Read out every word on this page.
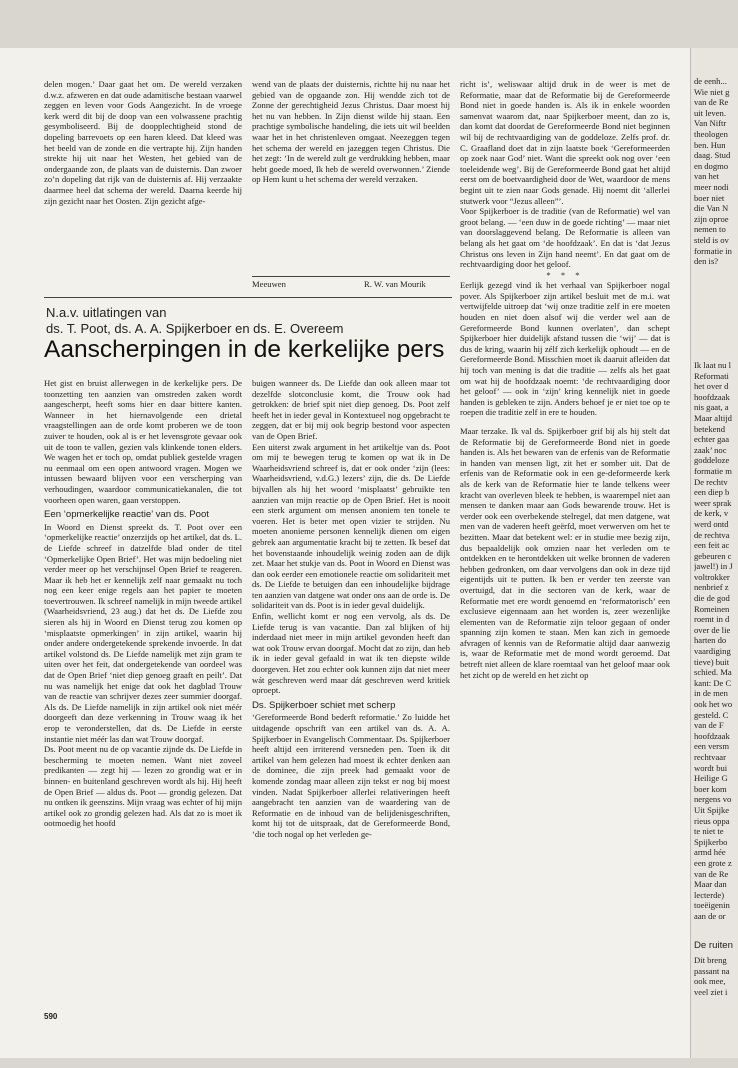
de eenh...
Wie niet g
van de Re
uit leven.
Van Niftr
theologen
ben. Hun
daag. Stud
en dogmo
van het
meer nodi
boer niet
die Van N
zijn oproe
nemen to
steld is ov
formatie in
den is?
Ik laat nu l
Reformati
het over d
hoofdzaak
nis gaat, a
Maar altijd
betekend
echter gaa
zaak’ noc
goddeloze
formatie m
De rechtv
een diep b
weer sprak
de kerk, v
werd ontd
de rechtva
een feit ac
gebeuren c
jawel!) in J
voltrokker
nenbrief z
die de god
Romeinen
roemt in d
over de lie
harten do
vaardiging
tieve) buit
schied. Ma
kant: De C
in de men
ook het wo
gesteld. C
van de F
hoofdzaak
een versm
rechtvaar
wordt bui
Heilige G
boer kom
nergens vo
Uit Spijke
rieus oppa
te niet te
Spijkerbo
armd hée
een grote z
van de Re
Maar dan
lecterde)
toeëigenin
aan de or
De ruiten
Dit breng
passant na
ook mee,
veel ziet i

delen mogen.’ Daar gaat het om. De wereld verzaken d.w.z. afzweren en dat oude adamitische bestaan vaarwel zeggen en leven voor Gods Aangezicht. In de vroege kerk werd dit bij de doop van een volwassene prachtig gesymboliseerd. Bij de doopplechtigheid stond de dopeling barrevoets op een haren kleed. Dat kleed was het beeld van de zonde en die vertrapte hij. Zijn handen strekte hij uit naar het Westen, het gebied van de ondergaande zon, de plaats van de duisternis. Dan zwoer zo’n dopeling dat rijk van de duisternis af. Hij verzaakte daarmee heel dat schema der wereld. Daarna keerde hij zijn gezicht naar het Oosten. Zijn gezicht afge-

wend van de plaats der duisternis, richtte hij nu naar het gebied van de opgaande zon. Hij wendde zich tot de Zonne der gerechtigheid Jezus Christus. Daar moest hij het nu van hebben. In Zijn dienst wilde hij staan. Een prachtige symbolische handeling, die iets uit wil beelden waar het in het christenleven omgaat. Neezeggen tegen het schema der wereld en jazeggen tegen Christus. Die het zegt: ‘In de wereld zult ge verdrukking hebben, maar hebt goede moed, Ik heb de wereld overwonnen.’ Ziende op Hem kunt u het schema der wereld verzaken.

Meeuwen	R. W. van Mourik
N.a.v. uitlatingen van
ds. T. Poot, ds. A. A. Spijkerboer en ds. E. Overeem
Aanscherpingen in de kerkelijke pers

Het gist en bruist allerwegen in de kerkelijke pers. De toonzetting ten aanzien van omstreden zaken wordt aangescherpt, heeft soms hier en daar bittere kanten. Wanneer in het hiernavolgende een drietal vraagstellingen aan de orde komt proberen we de toon zuiver te houden, ook al is er het levensgrote gevaar ook uit de toon te vallen, gezien vals klinkende tonen elders. We wagen het er toch op, omdat publiek gestelde vragen nu eenmaal om een open antwoord vragen. Mogen we intussen bewaard blijven voor een verscherping van verhoudingen, waardoor communicatiekanalen, die tot voorheen open waren, gaan verstoppen.

Een ‘opmerkelijke reactie’ van ds. Poot

In Woord en Dienst spreekt ds. T. Poot over een ‘opmerkelijke reactie’ onzerzijds op het artikel, dat ds. L. de Liefde schreef in datzelfde blad onder de titel ‘Opmerkelijke Open Brief’. Het was mijn bedoeling niet verder meer op het verschijnsel Open Brief te reageren. Maar ik heb het er kennelijk zelf naar gemaakt nu toch nog een keer enige regels aan het papier te moeten toevertrouwen. Ik schreef namelijk in mijn tweede artikel (Waarheidsvriend, 23 aug.) dat het ds. De Liefde zou sieren als hij in Woord en Dienst terug zou komen op ‘misplaatste opmerkingen’ in zijn artikel, waarin hij onder andere ondergetekende sprekende invoerde. In dat artikel volstond ds. De Liefde namelijk met zijn gram te uiten over het feit, dat ondergetekende van oordeel was dat de Open Brief ‘niet diep genoeg graaft en peilt’. Dat nu was namelijk het enige dat ook het dagblad Trouw van de reactie van schrijver dezes zeer summier doorgaf. Als ds. De Liefde namelijk in zijn artikel ook niet méér doorgeeft dan deze verkenning in Trouw waag ik het erop te veronderstellen, dat ds. De Liefde in eerste instantie niet méér las dan wat Trouw doorgaf.

Ds. Poot meent nu de op vacantie zijnde ds. De Liefde in bescherming te moeten nemen. Want niet zoveel predikanten — zegt hij — lezen zo grondig wat er in binnen- en buitenland geschreven wordt als hij. Hij heeft de Open Brief — aldus ds. Poot — grondig gelezen. Dat nu ontken ik geenszins. Mijn vraag was echter of hij mijn artikel ook zo grondig gelezen had. Als dat zo is moet ik ootmoedig het hoofd

buigen wanneer ds. De Liefde dan ook alleen maar tot dezelfde slotconclusie komt, die Trouw ook had getrokken: de brief spit niet diep genoeg. Ds. Poot zelf heeft het in ieder geval in Kontextueel nog opgebracht te zeggen, dat er bij mij ook begrip bestond voor aspecten van de Open Brief.

Een uiterst zwak argument in het artikeltje van ds. Poot om mij te bewegen terug te komen op wat ik in De Waarheidsvriend schreef is, dat er ook onder ‘zijn (lees: Waarheidsvriend, v.d.G.) lezers’ zijn, die ds. De Liefde bijvallen als hij het woord ‘misplaatst’ gebruikte ten aanzien van mijn reactie op de Open Brief. Het is nooit een sterk argument om mensen anoniem ten tonele te voeren. Het is beter met open vizier te strijden. Nu moeten anonieme personen kennelijk dienen om eigen gebrek aan argumentatie kracht bij te zetten. Ik besef dat het bovenstaande inhoudelijk weinig zoden aan de dijk zet. Maar het stukje van ds. Poot in Woord en Dienst was dan ook eerder een emotionele reactie om solidariteit met ds. De Liefde te betuigen dan een inhoudelijke bijdrage ten aanzien van datgene wat onder ons aan de orde is. De solidariteit van ds. Poot is in ieder geval duidelijk.

Enfin, wellicht komt er nog een vervolg, als ds. De Liefde terug is van vacantie. Dan zal blijken of hij inderdaad niet meer in mijn artikel gevonden heeft dan wat ook Trouw ervan doorgaf. Mocht dat zo zijn, dan heb ik in ieder geval gefaald in wat ik ten diepste wilde doorgeven. Het zou echter ook kunnen zijn dat niet meer wát geschreven werd maar dát geschreven werd kritiek oproept.

Ds. Spijkerboer schiet met scherp

‘Gereformeerde Bond bederft reformatie.’ Zo luidde het uitdagende opschrift van een artikel van ds. A. A. Spijkerboer in Evangelisch Commentaar. Ds. Spijkerboer heeft altijd een irriterend versneden pen. Toen ik dit artikel van hem gelezen had moest ik echter denken aan de dominee, die zijn preek had gemaakt voor de komende zondag maar alleen zijn tekst er nog bij moest vinden. Nadat Spijkerboer allerlei relativeringen heeft aangebracht ten aanzien van de waardering van de Reformatie en de inhoud van de belijdenisgeschriften, komt hij tot de uitspraak, dat de Gereformeerde Bond, ‘die toch nogal op het verleden ge-

richt is’, weliswaar altijd druk in de weer is met de Reformatie, maar dat de Reformatie bij de Gereformeerde Bond niet in goede handen is. Als ik in enkele woorden samenvat waarom dat, naar Spijkerboer meent, dan zo is, dan komt dat doordat de Gereformeerde Bond niet beginnen wil bij de rechtvaardiging van de goddeloze. Zelfs prof. dr. C. Graafland doet dat in zijn laatste boek ‘Gereformeerden op zoek naar God’ niet. Want die spreekt ook nog over ‘een toeleidende weg’. Bij de Gereformeerde Bond gaat het altijd eerst om de boetvaardigheid door de Wet, waardoor de mens begint uit te zien naar Gods genade. Hij noemt dit ‘allerlei stutwerk voor “Jezus alleen”’.

Voor Spijkerboer is de traditie (van de Reformatie) wel van groot belang. — ‘een duw in de goede richting’ — maar niet van doorslaggevend belang. De Reformatie is alleen van belang als het gaat om ‘de hoofdzaak’. En dat is ‘dat Jezus Christus ons leven in Zijn hand neemt’. En dat gaat om de rechtvaardiging door het geloof.

* * *

Eerlijk gezegd vind ik het verhaal van Spijkerboer nogal pover. Als Spijkerboer zijn artikel besluit met de m.i. wat vertwijfelde uitroep dat ‘wij onze traditie zelf in ere moeten houden en niet doen alsof wij die verder wel aan de Gereformeerde Bond kunnen overlaten’, dan schept Spijkerboer hier duidelijk afstand tussen die ‘wij’ — dat is dus de kring, waarin hij zélf zich kerkelijk ophoudt — en de Gereformeerde Bond. Misschien moet ik daaruit afleiden dat hij toch van mening is dat die traditie — zelfs als het gaat om wat hij de hoofdzaak noemt: ‘de rechtvaardiging door het geloof’ — ook in ‘zijn’ kring kennelijk niet in goede handen is gebleken te zijn. Anders behoef je er niet toe op te roepen die traditie zelf in ere te houden.

Maar terzake. Ik val ds. Spijkerboer grif bij als hij stelt dat de Reformatie bij de Gereformeerde Bond niet in goede handen is. Als het bewaren van de erfenis van de Reformatie in handen van mensen ligt, zit het er somber uit. Dat de erfenis van de Reformatie ook in een ge-deformeerde kerk als de kerk van de Reformatie hier te lande telkens weer kracht van overleven bleek te hebben, is waarempel niet aan mensen te danken maar aan Gods bewarende trouw. Het is verder ook een overbekende stelregel, dat men datgene, wat men van de vaderen heeft geërfd, moet verwerven om het te bezitten. Maar dat betekent wel: er in studie mee bezig zijn, dus bepaaldelijk ook omzien naar het verleden om te ontdekken en te herontdekken uit welke bronnen de vaderen hebben gedronken, om daar vervolgens dan ook in deze tijd eigentijds uit te putten. Ik ben er verder ten zeerste van overtuigd, dat in die sectoren van de kerk, waar de Reformatie met ere wordt genoemd en ‘reformatorisch’ een exclusieve eigennaam aan het worden is, zeer wezenlijke elementen van de Reformatie zijn teloor gegaan of onder spanning zijn komen te staan. Men kan zich in gemoede afvragen of kennis van de Reformatie altijd daar aanwezig is, waar de Reformatie met de mond wordt geroemd. Dat betreft niet alleen de klare roemtaal van het geloof maar ook het zicht op de wereld en het zicht op

590
